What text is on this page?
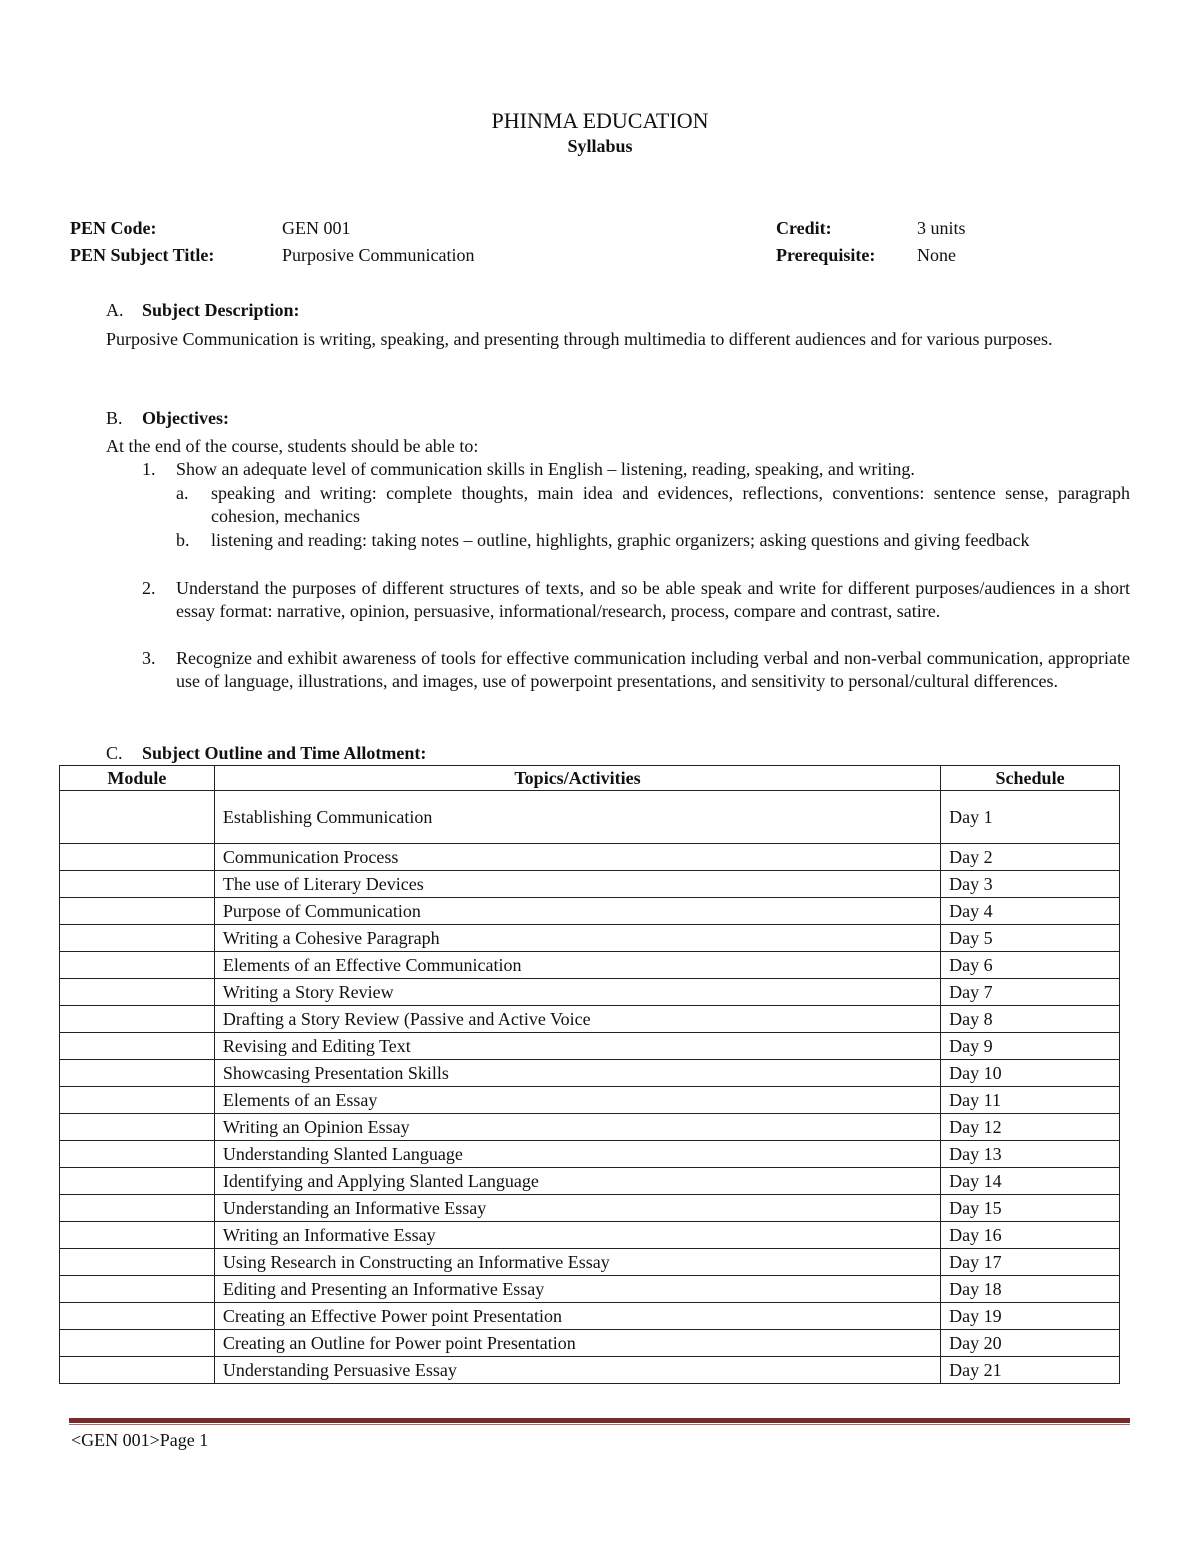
PHINMA EDUCATION
Syllabus
PEN Code:	GEN 001	Credit:	3 units
PEN Subject Title:	Purposive Communication	Prerequisite: None
A. Subject Description:
Purposive Communication is writing, speaking, and presenting through multimedia to different audiences and for various purposes.
B. Objectives:
At the end of the course, students should be able to:
1. Show an adequate level of communication skills in English – listening, reading, speaking, and writing.
a. speaking and writing: complete thoughts, main idea and evidences, reflections, conventions: sentence sense, paragraph cohesion, mechanics
b. listening and reading: taking notes – outline, highlights, graphic organizers; asking questions and giving feedback
2. Understand the purposes of different structures of texts, and so be able speak and write for different purposes/audiences in a short essay format: narrative, opinion, persuasive, informational/research, process, compare and contrast, satire.
3. Recognize and exhibit awareness of tools for effective communication including verbal and non-verbal communication, appropriate use of language, illustrations, and images, use of powerpoint presentations, and sensitivity to personal/cultural differences.
C. Subject Outline and Time Allotment:
Module	Topics/Activities	Schedule
	Establishing Communication	Day 1
	Communication Process	Day 2
	The use of Literary Devices	Day 3
	Purpose of Communication	Day 4
	Writing a Cohesive Paragraph	Day 5
	Elements of an Effective Communication	Day 6
	Writing a Story Review	Day 7
	Drafting a Story Review (Passive and Active Voice	Day 8
	Revising and Editing Text	Day 9
	Showcasing Presentation Skills	Day 10
	Elements of an Essay	Day 11
	Writing an Opinion Essay	Day 12
	Understanding Slanted Language	Day 13
	Identifying and Applying Slanted Language	Day 14
	Understanding an Informative Essay	Day 15
	Writing an Informative Essay	Day 16
	Using Research in Constructing an Informative Essay	Day 17
	Editing and Presenting an Informative Essay	Day 18
	Creating an Effective Power point Presentation	Day 19
	Creating an Outline for Power point Presentation	Day 20
	Understanding Persuasive Essay	Day 21
<GEN 001>Page 1
